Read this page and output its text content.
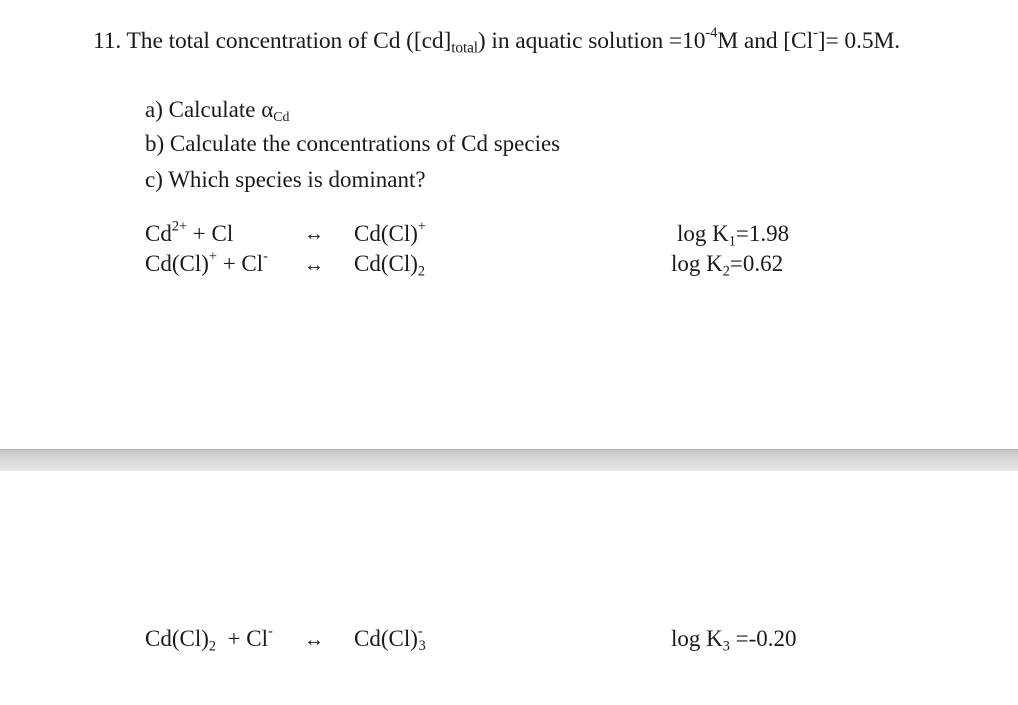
11. The total concentration of Cd $([cd]_{total})$ in aquatic solution $=10^{-4}M$ and [Cl-]= 0.5M.
a) Calculate $\alpha_{Cd}$
b) Calculate the concentrations of Cd species
c) Which species is dominant?
$Cd^{2+} + Cl$	↔ Cd(Cl)+	$\log K_1=1.98$
Cd(Cl)+ + Cl- ↔ $Cd(Cl)_2$	$\log K_2=0.62$
$Cd(Cl)_2 + Cl^-$ ↔ $Cd(Cl)^-_3$	$\log K_3 =-0.20$
